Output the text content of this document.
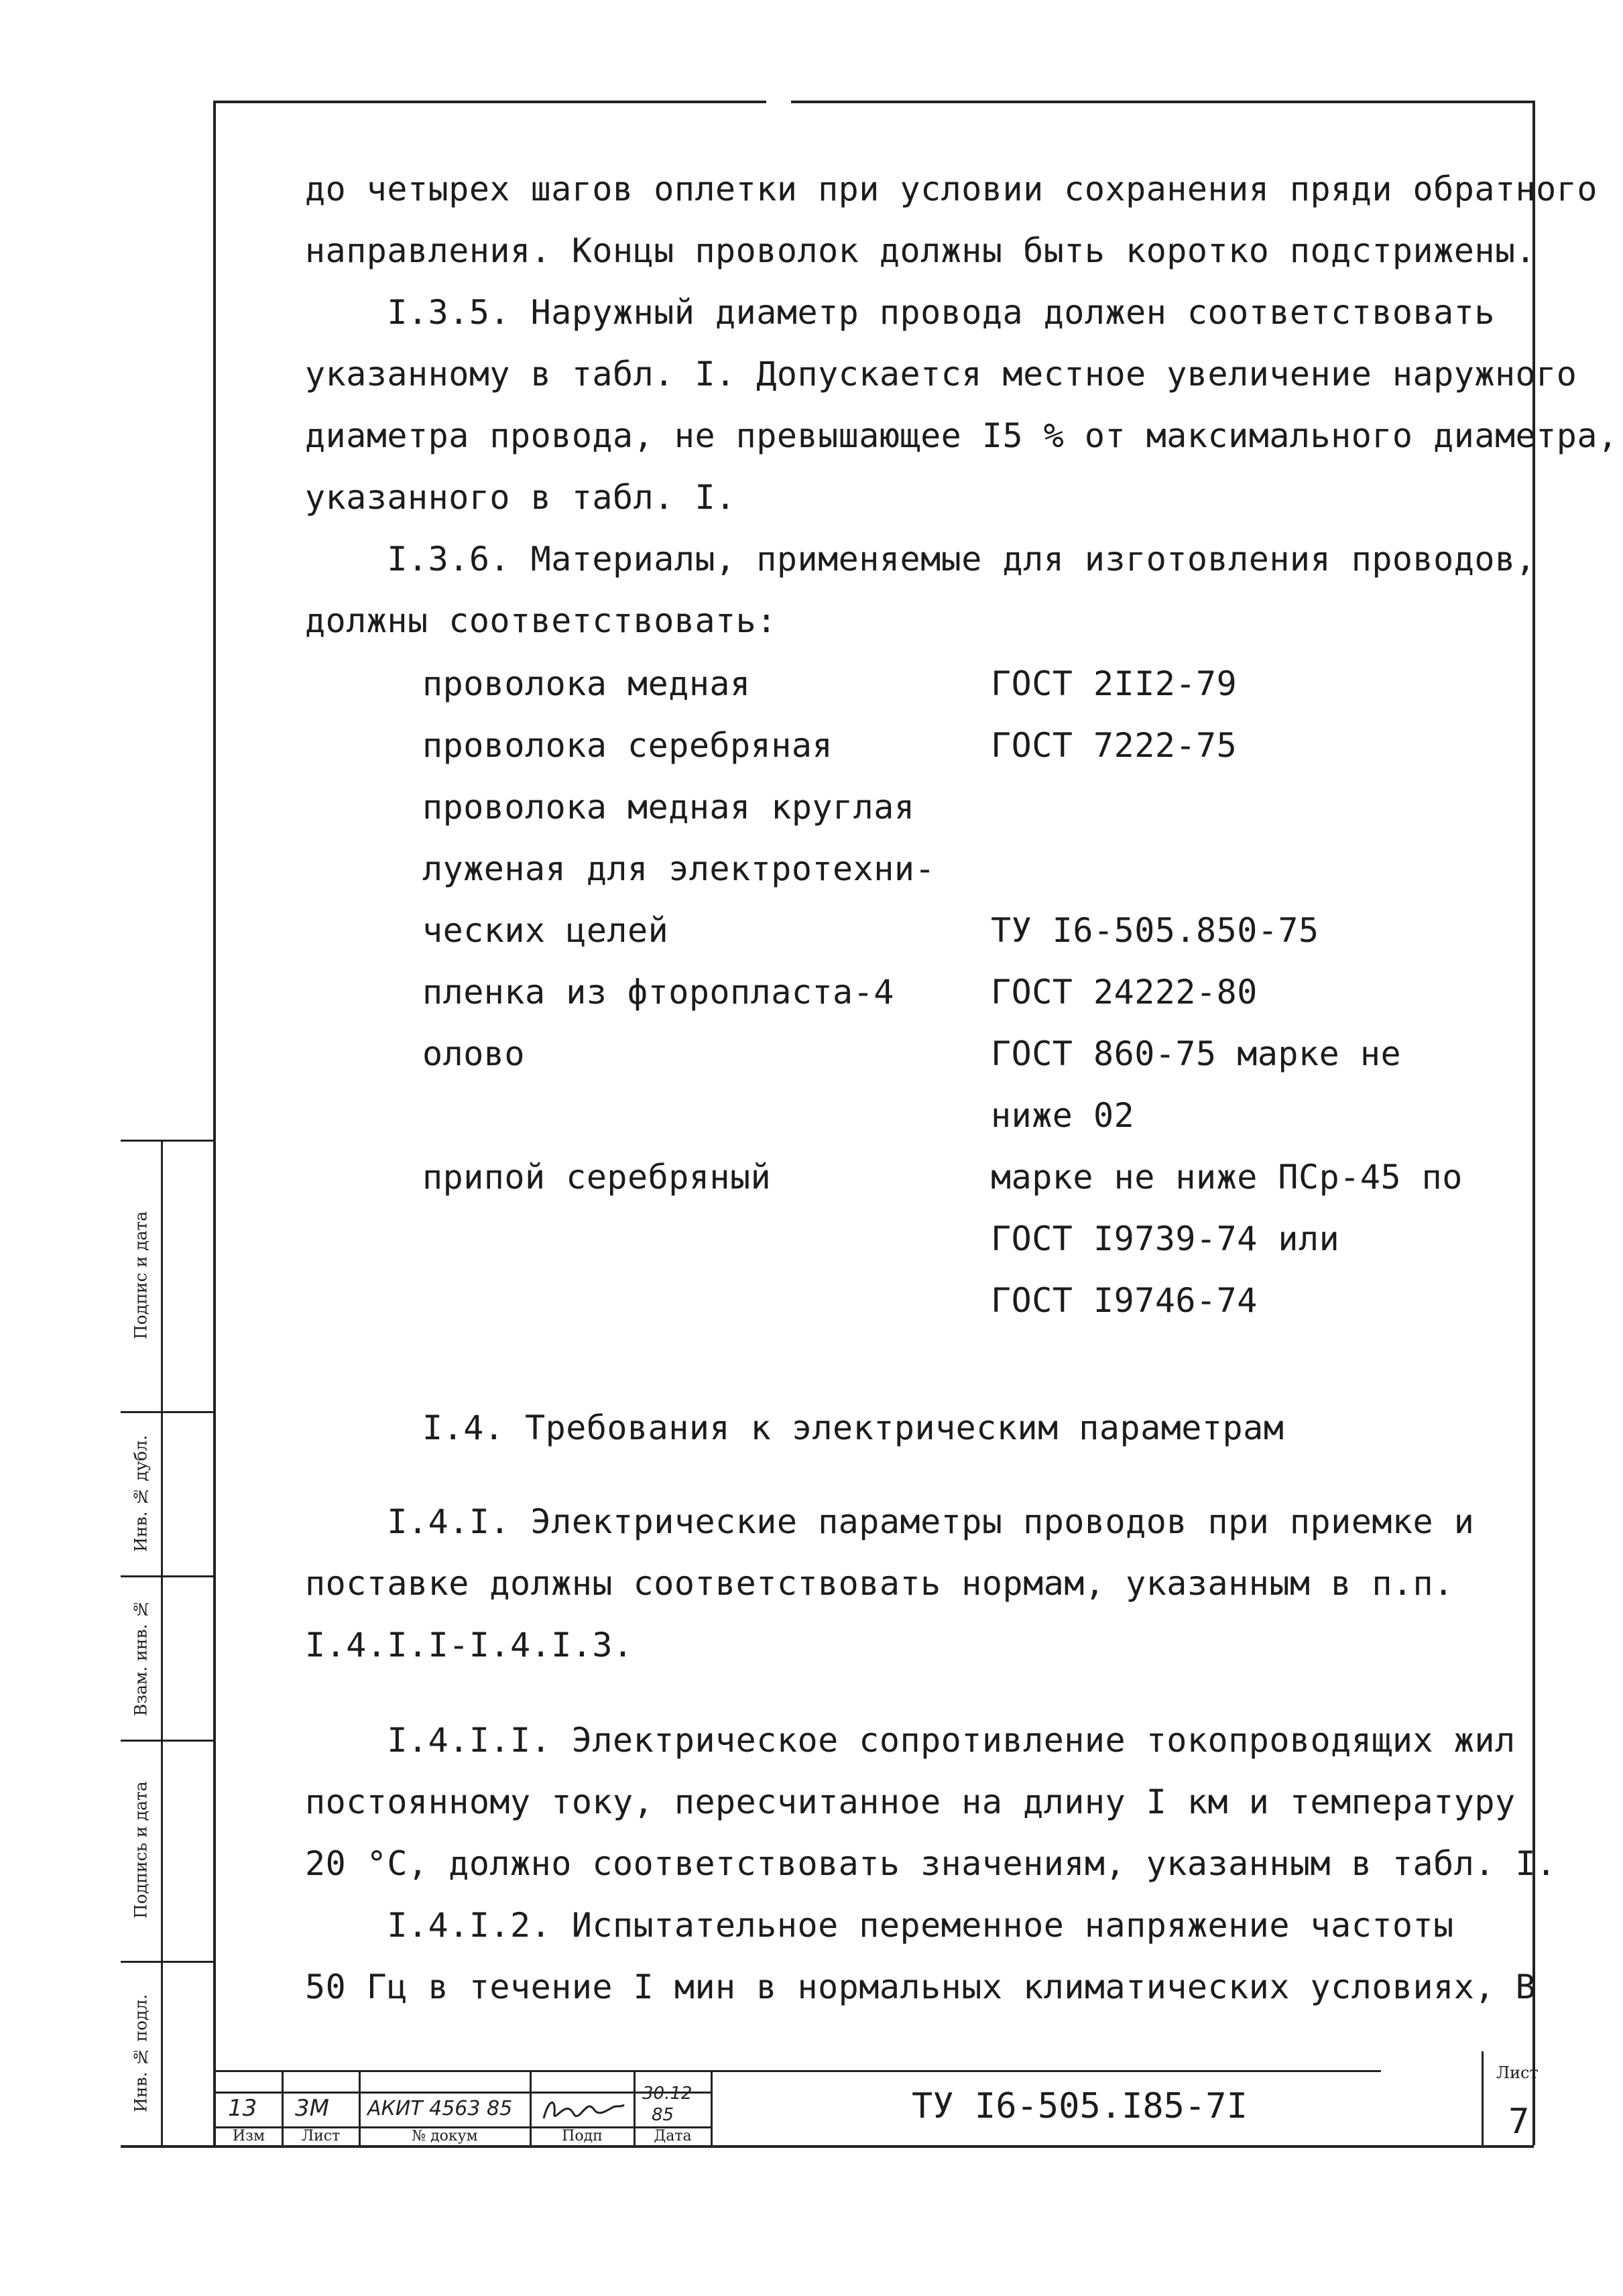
до четырех шагов оплетки при условии сохранения пряди обратного
направления. Концы проволок должны быть коротко подстрижены.
I.3.5. Наружный диаметр провода должен соответствовать
указанному в табл. I. Допускается местное увеличение наружного
диаметра провода, не превышающее I5 % от максимального диаметра,
указанного в табл. I.
I.3.6. Материалы, применяемые для изготовления проводов,
должны соответствовать:
проволока медная	ГОСТ 2II2-79
проволока серебряная	ГОСТ 7222-75
проволока медная круглая
луженая для электротехни-
ческих целей	ТУ I6-505.850-75
пленка из фторопласта-4	ГОСТ 24222-80
олово	ГОСТ 860-75 марке не
ниже 02
припой серебряный	марке не ниже ПСр-45 по
ГОСТ I9739-74 или
ГОСТ I9746-74
I.4. Требования к электрическим параметрам
I.4.I. Электрические параметры проводов при приемке и
поставке должны соответствовать нормам, указанным в п.п.
I.4.I.I-I.4.I.3.
I.4.I.I. Электрическое сопротивление токопроводящих жил
постоянному току, пересчитанное на длину I км и температуру
20 °С, должно соответствовать значениям, указанным в табл. I.
I.4.I.2. Испытательное переменное напряжение частоты
50 Гц в течение I мин в нормальных климатических условиях, В
Подпис и дата
Инв. № дубл.
Взам. инв. №
Подпись и дата
Инв. № подл.	13 3М АКИТ 4563 85
30.12
85
Изм	Лист	№ докум	Подп	Дата
ТУ I6-505.I85-7I
Лист
7
